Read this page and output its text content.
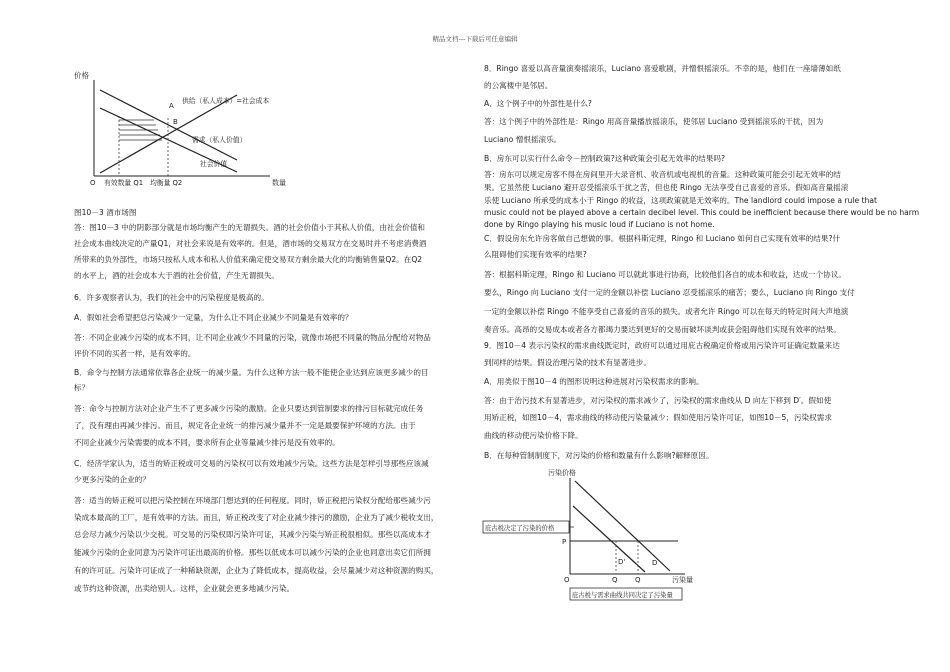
精品文档---下载后可任意编辑
价格
A
B
供给（私人成本）=社会成本
需求（私人价值）
社会价值
O 有效数量 Q1 均衡量 Q2	数量
图10－3 酒市场图
答：图10－3 中的阴影部分就是市场均衡产生的无谓损失。酒的社会价值小于其私人价值，由社会价值和
社会成本曲线决定的产量Q1，对社会来说是有效率的。但是，酒市场的交易双方在交易时并不考虑消费酒
所带来的负外部性，市场只按私人成本和私人价值来确定使交易双方剩余最大化的均衡销售量Q2。在Q2
的水平上，酒的社会成本大于酒的社会价值，产生无谓损失。
6．许多观察者认为，我们的社会中的污染程度是极高的。
A．假如社会希望把总污染减少一定量，为什么让不同企业减少不同量是有效率的？
答：不同企业减少污染的成本不同，让不同企业减少不同量的污染，就像市场把不同量的物品分配给对物品
评价不同的买者一样，是有效率的。
B．命令与控制方法通常依靠各企业统一的减少量。为什么这种方法一般不能使企业达到应该更多减少的目
标？
答：命令与控制方法对企业产生不了更多减少污染的激励。企业只要达到管制要求的排污目标就完成任务
了，没有理由再减少排污。而且，规定各企业统一的排污减少量并不一定是最要保护环境的方法。由于
不同企业减少污染需要的成本不同，要求所有企业等量减少排污是没有效率的。
C．经济学家认为，适当的矫正税或可交易的污染权可以有效地减少污染。这些方法是怎样引导那些应该减
少更多污染的企业的？
答：适当的矫正税可以把污染控制在环境部门想达到的任何程度。同时，矫正税把污染权分配给那些减少污
染成本最高的工厂，是有效率的方法。而且，矫正税改变了对企业减少排污的激励，企业为了减少税收支出，
总会尽力减少污染以少交税。可交易的污染权即污染许可证，其减少污染与矫正税很相似。那些以高成本才
能减少污染的企业同意为污染许可证出最高的价格。那些以低成本可以减少污染的企业也同意出卖它们所拥
有的许可证。污染许可证成了一种稀缺资源，企业为了降低成本，提高收益，会尽量减少对这种资源的购买，
或节约这种资源，出卖给别人。这样，企业就会更多地减少污染。
8．Ringo 喜爱以高音量演奏摇滚乐，Luciano 喜爱歌剧，并憎恨摇滚乐。不幸的是，他们在一座墙薄如纸
的公寓楼中是邻居。
A．这个例子中的外部性是什么?
答：这个例子中的外部性是：Ringo 用高音量播放摇滚乐，使邻居 Luciano 受到摇滚乐的干扰，因为
Luciano 憎恨摇滚乐。
B．房东可以实行什么命令－控制政策?这种政策会引起无效率的结果吗?
答：房东可以规定房客不得在房间里开大录音机、收音机或电视机的音量。这种政策可能会引起无效率的结
果。它虽然使 Luciano 避开忍受摇滚乐干扰之苦，但也使 Ringo 无法享受自己喜爱的音乐。假如高音量摇滚
乐使 Luciano 所承受的成本小于 Ringo 的收益，这项政策就是无效率的。The landlord could impose a rule that
music could not be played above a certain decibel level. This could be inefficient because there would be no harm
done by Ringo playing his music loud if Luciano is not home.
C．假设房东允许房客做自己想做的事。根据科斯定理，Ringo 和 Luciano 如何自己实现有效率的结果?什
么阻碍他们实现有效率的结果?
答：根据科斯定理，Ringo 和 Luciano 可以就此事进行协商，比较他们各自的成本和收益，达成一个协议。
要么，Ringo 向 Luciano 支付一定的金额以补偿 Luciano 忍受摇滚乐的痛苦；要么，Luciano 向 Ringo 支付
一定的金额以补偿 Ringo 不能享受自己喜爱的音乐的损失。或者允许 Ringo 可以在每天的特定时间大声地演
奏音乐。高昂的交易成本或者各方都竭力要达到更好的交易而破坏谈判或获会阻碍他们实现有效率的结果。
9．图10－4 表示污染权的需求曲线既定时，政府可以通过用庇古税确定价格或用污染许可证确定数量来达
到同样的结果。假设治理污染的技术有显著进步。
A．用类似于图10－4 的图形说明这种进展对污染权需求的影响。
答：由于治污技术有显著进步，对污染权的需求减少了，污染权的需求曲线从 D 向左下移到 D′。假如使
用矫正税，如图10－4，需求曲线的移动使污染量减少；假如使用污染许可证，如图10－5，污染权需求
曲线的移动使污染价格下降。
B．在每种管制制度下，对污染的价格和数量有什么影响?解释原因。
污染价格
庇古税决定了污染的价格
P
D
D'
O	Q Q	污染量
庇古税与需求曲线共同决定了污染量
